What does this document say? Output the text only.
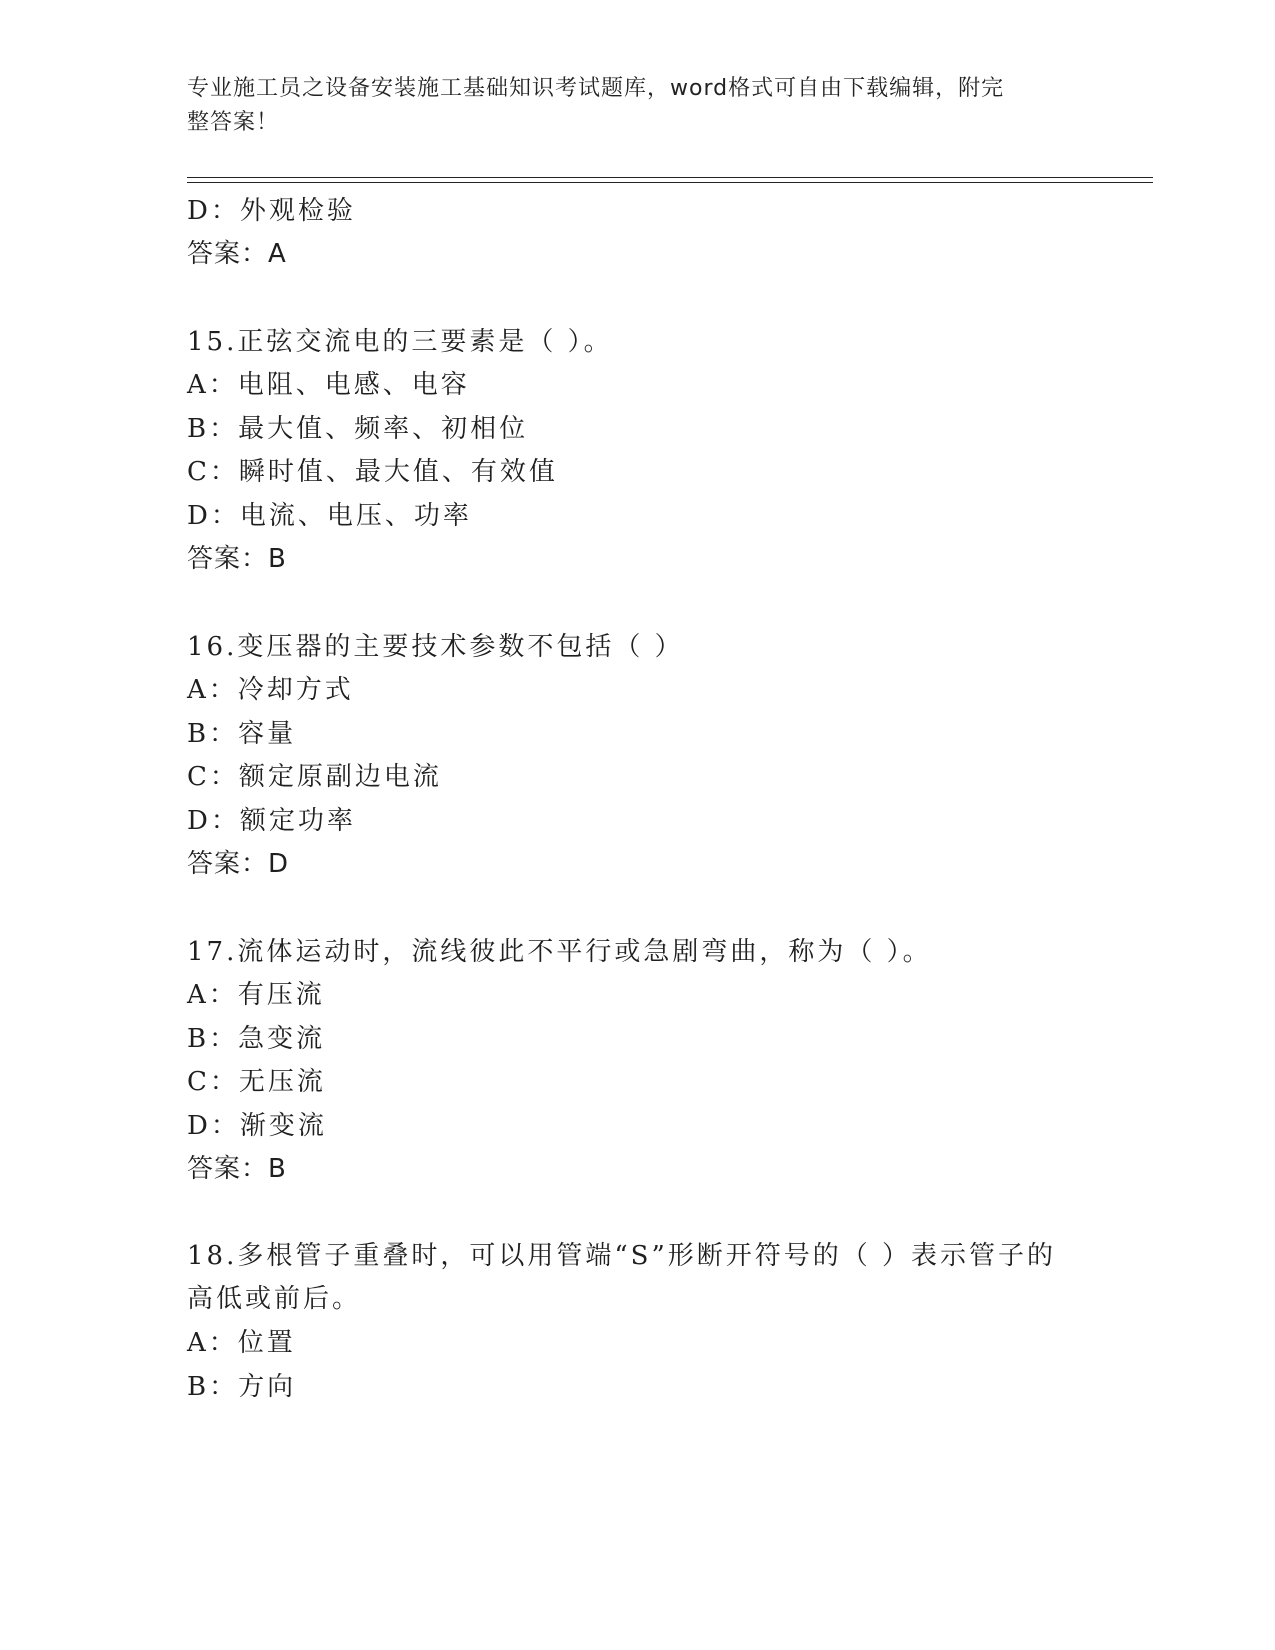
专业施工员之设备安装施工基础知识考试题库，word格式可自由下载编辑，附完
整答案！
D：外观检验
答案：A
15.正弦交流电的三要素是（ ）。
A：电阻、电感、电容
B：最大值、频率、初相位
C：瞬时值、最大值、有效值
D：电流、电压、功率
答案：B
16.变压器的主要技术参数不包括（ ）
A：冷却方式
B：容量
C：额定原副边电流
D：额定功率
答案：D
17.流体运动时，流线彼此不平行或急剧弯曲，称为（ ）。
A：有压流
B：急变流
C：无压流
D：渐变流
答案：B
18.多根管子重叠时，可以用管端“S”形断开符号的（ ）表示管子的
高低或前后。
A：位置
B：方向
